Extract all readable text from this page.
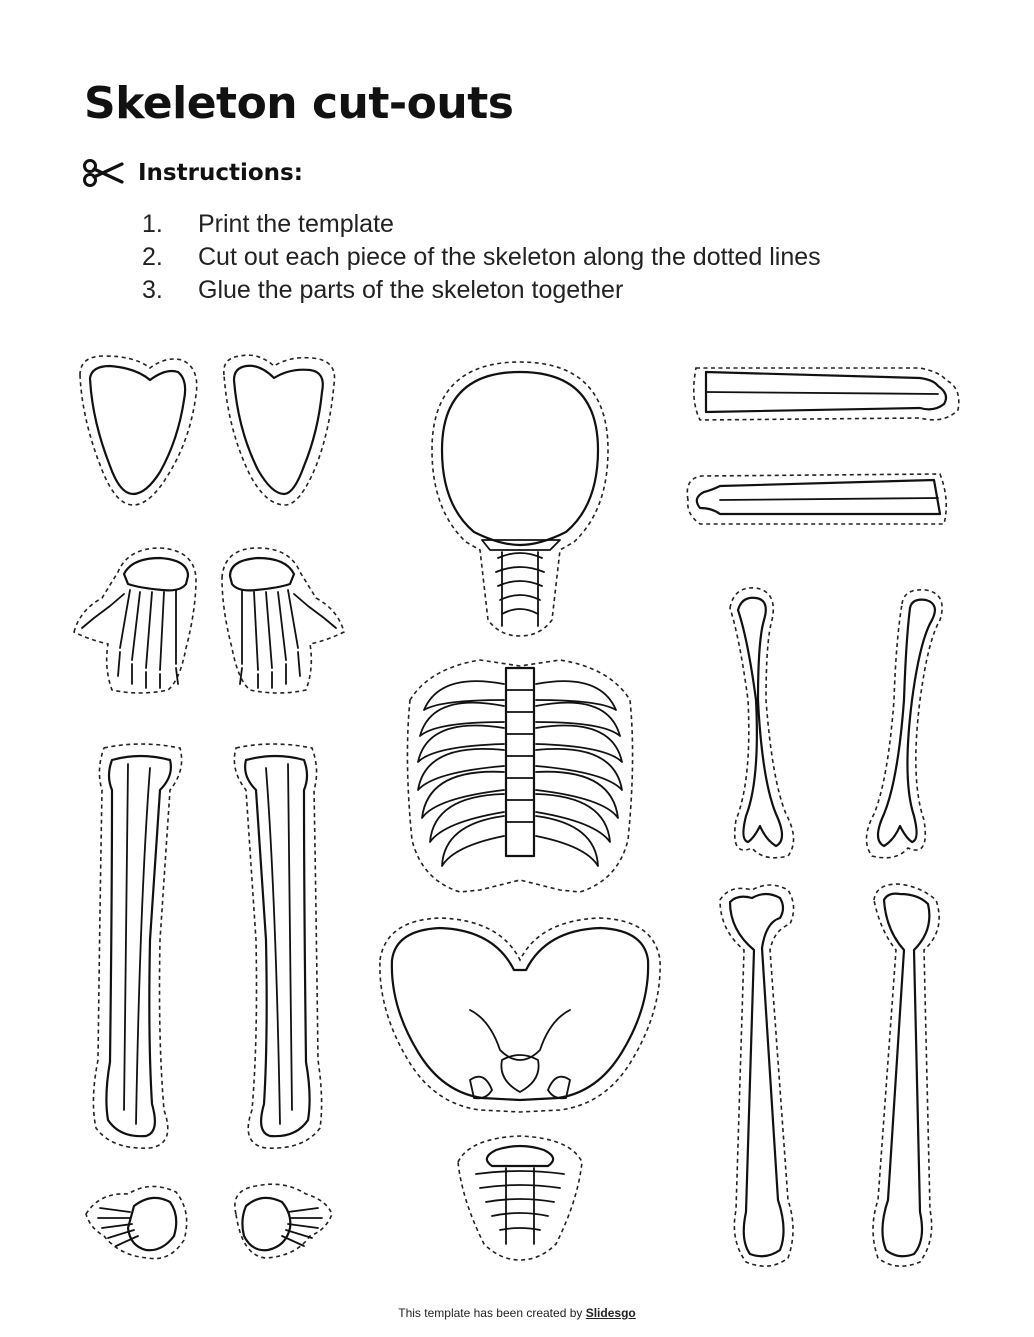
Skeleton cut-outs
Instructions:
1.	Print the template
2.	Cut out each piece of the skeleton along the dotted lines
3.	Glue the parts of the skeleton together
This template has been created by Slidesgo
